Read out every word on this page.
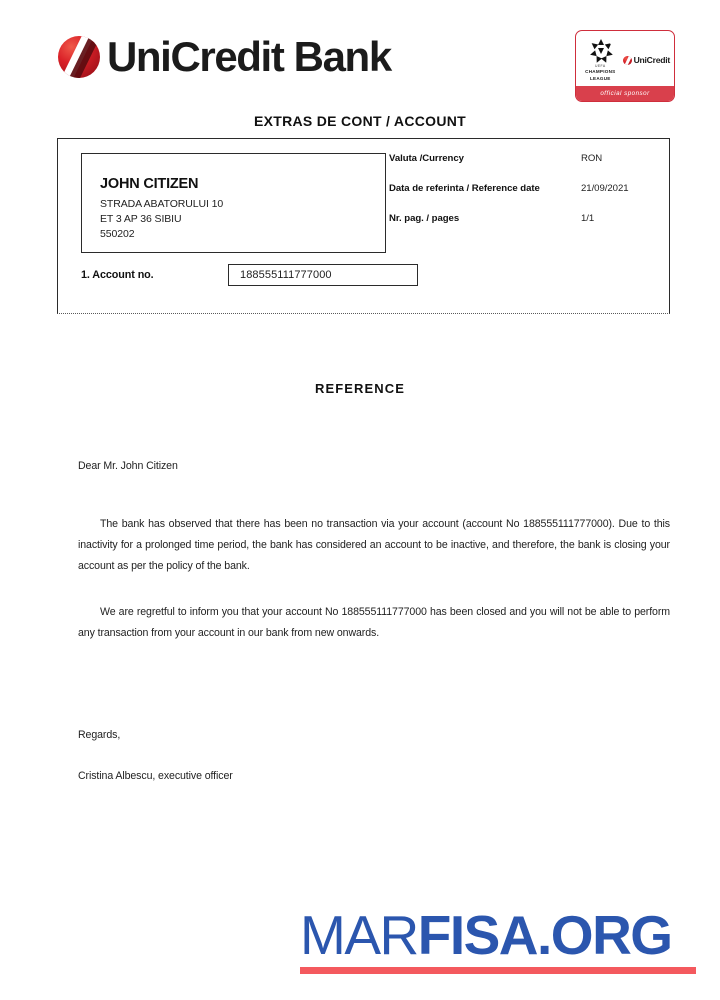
UniCredit Bank	UEFA
CHAMPIONS
LEAGUE
UniCredit
official sponsor
EXTRAS DE CONT / ACCOUNT
JOHN CITIZEN
STRADA ABATORULUI 10
ET 3 AP 36 SIBIU
550202
Valuta /Currency	RON
Data de referinta / Reference date	21/09/2021
Nr. pag. / pages	1/1
1. Account no.	188555111777000
REFERENCE
Dear Mr. John Citizen
The bank has observed that there has been no transaction via your account (account No 188555111777000). Due to this inactivity for a prolonged time period, the bank has considered an account to be inactive, and therefore, the bank is closing your account as per the policy of the bank.
We are regretful to inform you that your account No 188555111777000 has been closed and you will not be able to perform any transaction from your account in our bank from new onwards.
Regards,
Cristina Albescu, executive officer
MARFISA.ORG
